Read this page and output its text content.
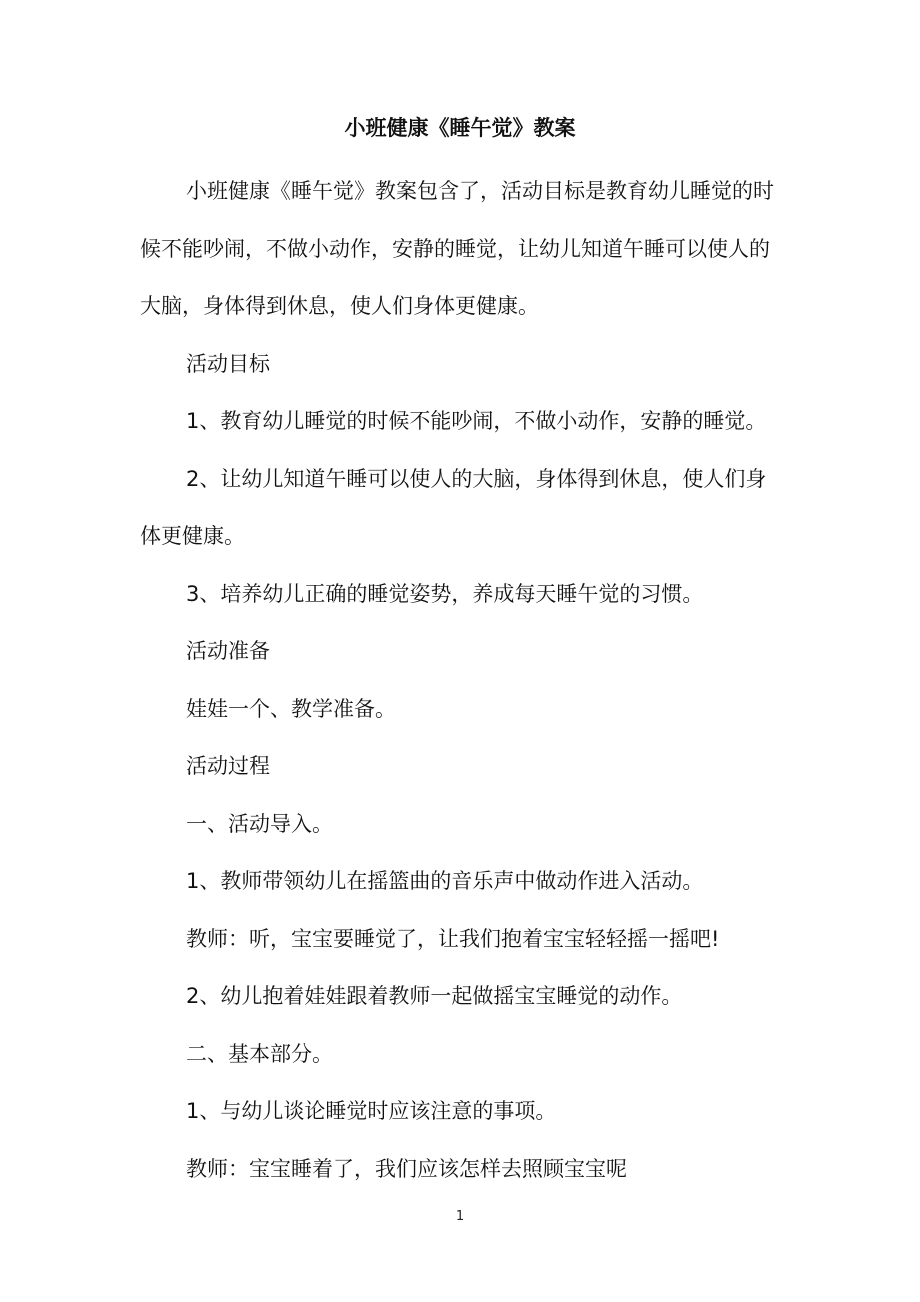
小班健康《睡午觉》教案

小班健康《睡午觉》教案包含了，活动目标是教育幼儿睡觉的时候不能吵闹，不做小动作，安静的睡觉，让幼儿知道午睡可以使人的大脑，身体得到休息，使人们身体更健康。

活动目标

1、教育幼儿睡觉的时候不能吵闹，不做小动作，安静的睡觉。

2、让幼儿知道午睡可以使人的大脑，身体得到休息，使人们身体更健康。

3、培养幼儿正确的睡觉姿势，养成每天睡午觉的习惯。

活动准备

娃娃一个、教学准备。

活动过程

一、活动导入。

1、教师带领幼儿在摇篮曲的音乐声中做动作进入活动。

教师：听，宝宝要睡觉了，让我们抱着宝宝轻轻摇一摇吧!

2、幼儿抱着娃娃跟着教师一起做摇宝宝睡觉的动作。

二、基本部分。

1、与幼儿谈论睡觉时应该注意的事项。

教师：宝宝睡着了，我们应该怎样去照顾宝宝呢

1
